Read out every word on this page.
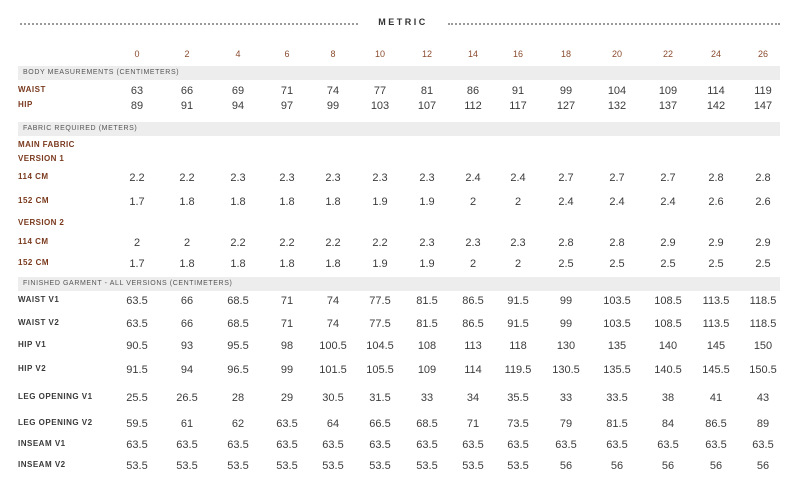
METRIC
0	2	4	6	8	10	12	14	16	18	20	22	24	26
BODY MEASUREMENTS (CENTIMETERS)
WAIST	63	66	69	71	74	77	81	86	91	99	104	109	114	119
HIP	89	91	94	97	99	103	107	112	117	127	132	137	142	147
FABRIC REQUIRED (METERS)
MAIN FABRIC
VERSION 1
114 CM	2.2	2.2	2.3	2.3	2.3	2.3	2.3	2.4	2.4	2.7	2.7	2.7	2.8	2.8
152 CM	1.7	1.8	1.8	1.8	1.8	1.9	1.9	2	2	2.4	2.4	2.4	2.6	2.6
VERSION 2
114 CM	2	2	2.2	2.2	2.2	2.2	2.3	2.3	2.3	2.8	2.8	2.9	2.9	2.9
152 CM	1.7	1.8	1.8	1.8	1.8	1.9	1.9	2	2	2.5	2.5	2.5	2.5	2.5
FINISHED GARMENT - ALL VERSIONS (CENTIMETERS)
WAIST V1	63.5	66	68.5	71	74	77.5	81.5	86.5	91.5	99	103.5	108.5	113.5	118.5
WAIST V2	63.5	66	68.5	71	74	77.5	81.5	86.5	91.5	99	103.5	108.5	113.5	118.5
HIP V1	90.5	93	95.5	98	100.5	104.5	108	113	118	130	135	140	145	150
HIP V2	91.5	94	96.5	99	101.5	105.5	109	114	119.5	130.5	135.5	140.5	145.5	150.5
LEG OPENING V1	25.5	26.5	28	29	30.5	31.5	33	34	35.5	33	33.5	38	41	43
LEG OPENING V2	59.5	61	62	63.5	64	66.5	68.5	71	73.5	79	81.5	84	86.5	89
INSEAM V1	63.5	63.5	63.5	63.5	63.5	63.5	63.5	63.5	63.5	63.5	63.5	63.5	63.5	63.5
INSEAM V2	53.5	53.5	53.5	53.5	53.5	53.5	53.5	53.5	53.5	56	56	56	56	56
